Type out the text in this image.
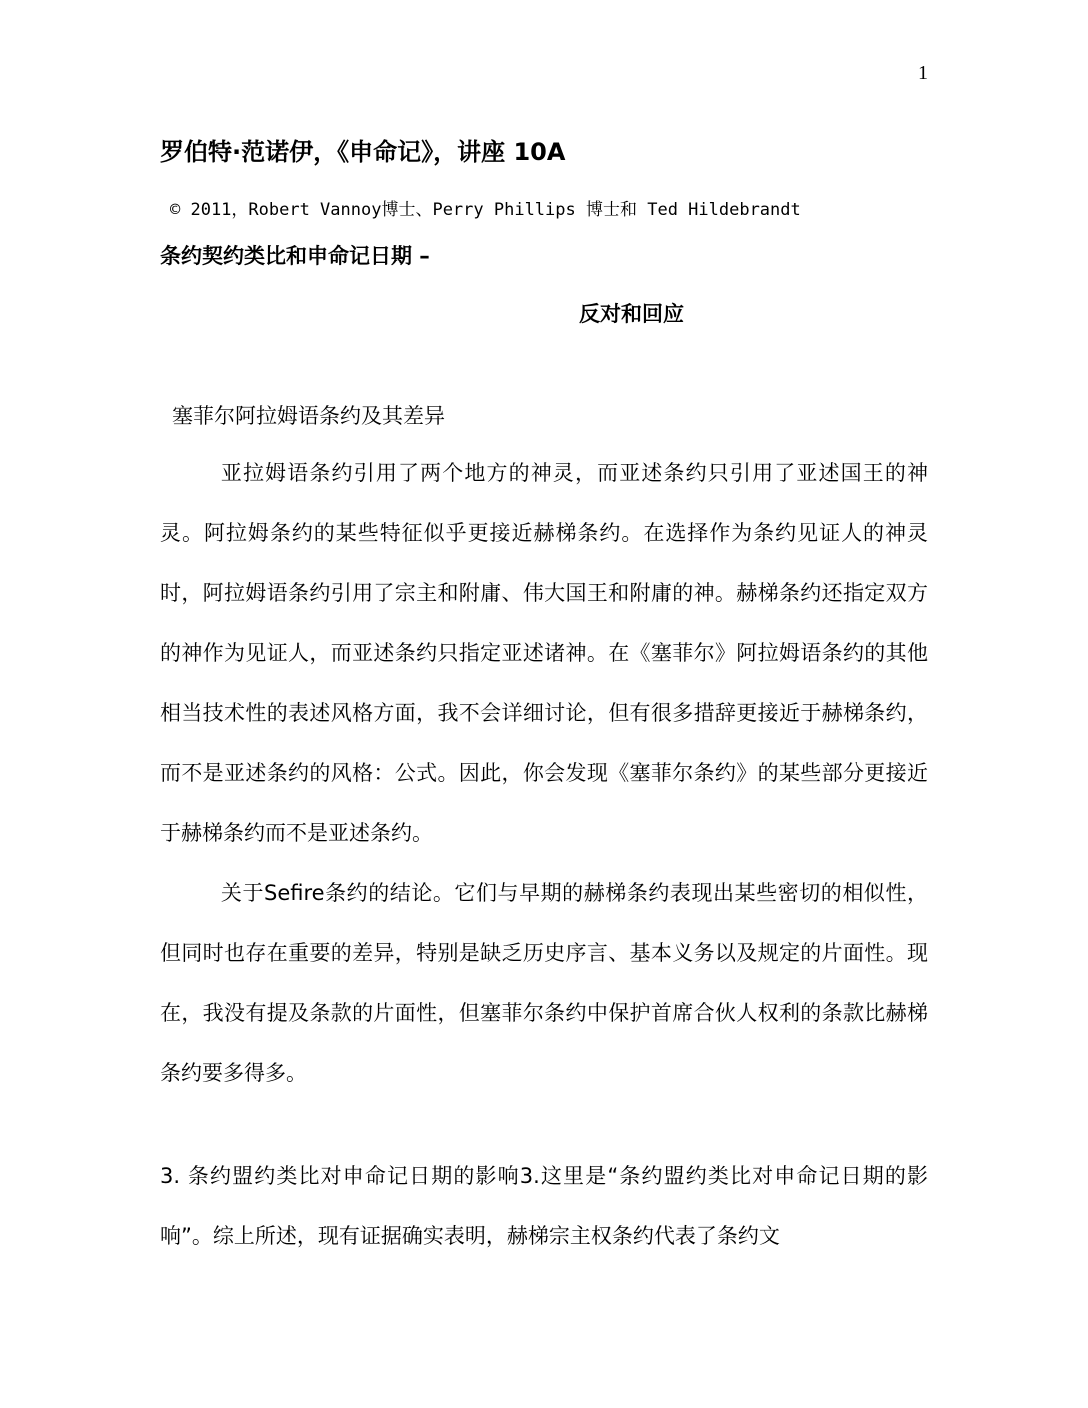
1
罗伯特·范诺伊，《申命记》，讲座 10A
© 2011，Robert Vannoy博士、Perry Phillips 博士和 Ted Hildebrandt
条约契约类比和申命记日期 –
反对和回应
塞菲尔阿拉姆语条约及其差异
亚拉姆语条约引用了两个地方的神灵，而亚述条约只引用了亚述国王的神灵。阿拉姆条约的某些特征似乎更接近赫梯条约。在选择作为条约见证人的神灵时，阿拉姆语条约引用了宗主和附庸、伟大国王和附庸的神。赫梯条约还指定双方的神作为见证人，而亚述条约只指定亚述诸神。在《塞菲尔》阿拉姆语条约的其他相当技术性的表述风格方面，我不会详细讨论，但有很多措辞更接近于赫梯条约，而不是亚述条约的风格：公式。因此，你会发现《塞菲尔条约》的某些部分更接近于赫梯条约而不是亚述条约。
关于Sefire条约的结论。它们与早期的赫梯条约表现出某些密切的相似性，但同时也存在重要的差异，特别是缺乏历史序言、基本义务以及规定的片面性。现在，我没有提及条款的片面性，但塞菲尔条约中保护首席合伙人权利的条款比赫梯条约要多得多。
3. 条约盟约类比对申命记日期的影响3.这里是“条约盟约类比对申命记日期的影响”。综上所述，现有证据确实表明，赫梯宗主权条约代表了条约文
